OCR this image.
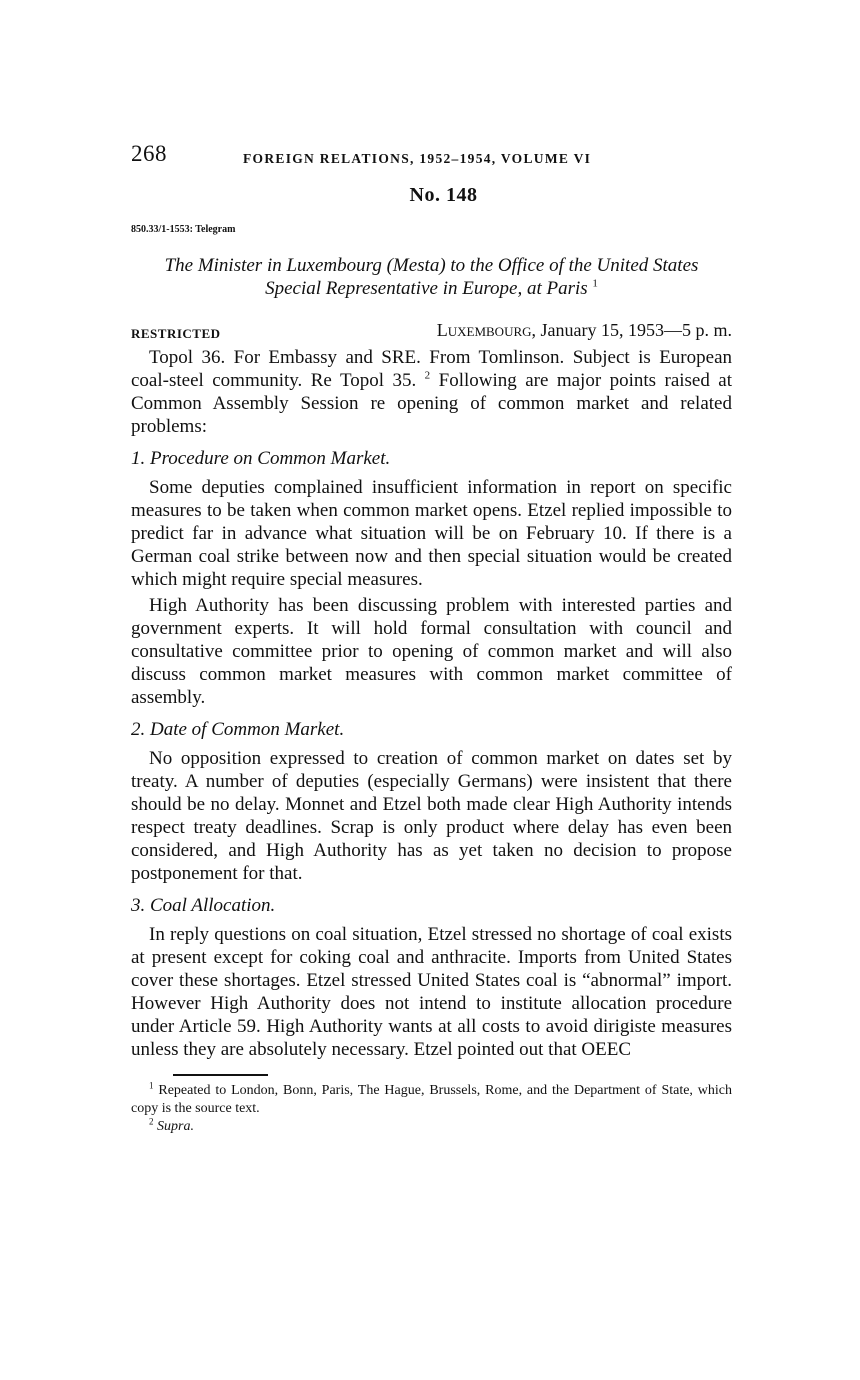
268	FOREIGN RELATIONS, 1952–1954, VOLUME VI
No. 148
850.33/1-1553: Telegram
The Minister in Luxembourg (Mesta) to the Office of the United States Special Representative in Europe, at Paris $^1$
RESTRICTED	Luxembourg, January 15, 1953—5 p. m.

Topol 36. For Embassy and SRE. From Tomlinson. Subject is European coal-steel community. Re Topol 35. $^2$ Following are major points raised at Common Assembly Session re opening of common market and related problems:

1. Procedure on Common Market.

Some deputies complained insufficient information in report on specific measures to be taken when common market opens. Etzel replied impossible to predict far in advance what situation will be on February 10. If there is a German coal strike between now and then special situation would be created which might require special measures.

High Authority has been discussing problem with interested parties and government experts. It will hold formal consultation with council and consultative committee prior to opening of common market and will also discuss common market measures with common market committee of assembly.

2. Date of Common Market.

No opposition expressed to creation of common market on dates set by treaty. A number of deputies (especially Germans) were insistent that there should be no delay. Monnet and Etzel both made clear High Authority intends respect treaty deadlines. Scrap is only product where delay has even been considered, and High Authority has as yet taken no decision to propose postponement for that.

3. Coal Allocation.

In reply questions on coal situation, Etzel stressed no shortage of coal exists at present except for coking coal and anthracite. Imports from United States cover these shortages. Etzel stressed United States coal is “abnormal” import. However High Authority does not intend to institute allocation procedure under Article 59. High Authority wants at all costs to avoid dirigiste measures unless they are absolutely necessary. Etzel pointed out that OEEC

$^1$ Repeated to London, Bonn, Paris, The Hague, Brussels, Rome, and the Department of State, which copy is the source text.
$^2$ Supra.
